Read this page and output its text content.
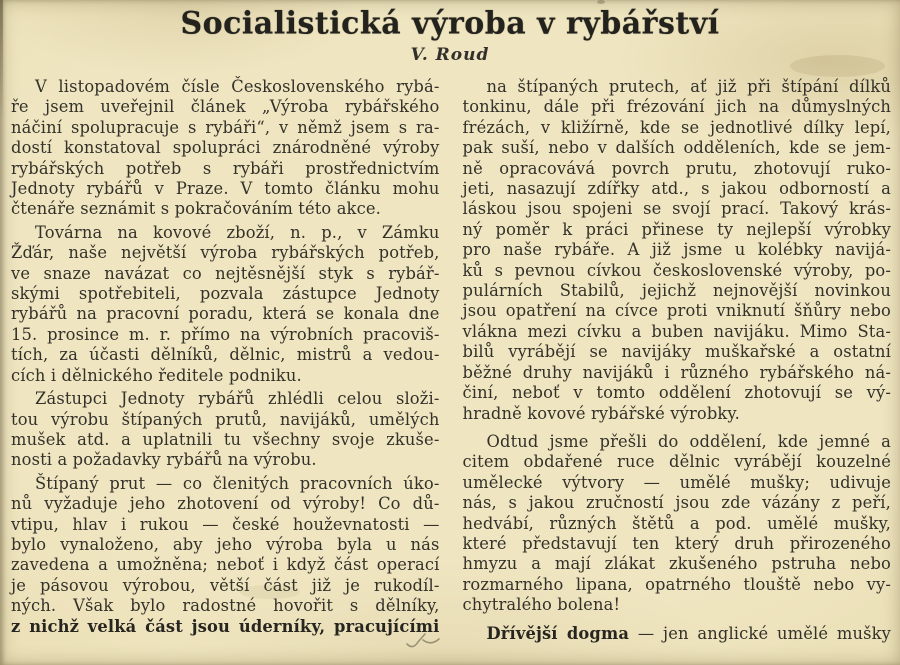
Socialistická výroba v rybářství
V. Roud
V listopadovém čísle Československého rybá-
ře jsem uveřejnil článek „Výroba rybářského
náčiní spolupracuje s rybáři“, v němž jsem s ra-
dostí konstatoval spolupráci znárodněné výroby
rybářských potřeb s rybáři prostřednictvím
Jednoty rybářů v Praze. V tomto článku mohu
čtenáře seznámit s pokračováním této akce.
Továrna na kovové zboží, n. p., v Zámku
Žďár, naše největší výroba rybářských potřeb,
ve snaze navázat co nejtěsnější styk s rybář-
skými spotřebiteli, pozvala zástupce Jednoty
rybářů na pracovní poradu, která se konala dne
15. prosince m. r. přímo na výrobních pracoviš-
tích, za účasti dělníků, dělnic, mistrů a vedou-
cích i dělnického ředitele podniku.
Zástupci Jednoty rybářů zhlédli celou složi-
tou výrobu štípaných prutů, navijáků, umělých
mušek atd. a uplatnili tu všechny svoje zkuše-
nosti a požadavky rybářů na výrobu.
Štípaný prut — co členitých pracovních úko-
nů vyžaduje jeho zhotovení od výroby! Co dů-
vtipu, hlav i rukou — české houževnatosti —
bylo vynaloženo, aby jeho výroba byla u nás
zavedena a umožněna; neboť i když část operací
je pásovou výrobou, větší část již je rukodíl-
ných. Však bylo radostné hovořit s dělníky,
z nichž velká část jsou úderníky, pracujícími
na štípaných prutech, ať již při štípání dílků
tonkinu, dále při frézování jich na důmyslných
frézách, v kližírně, kde se jednotlivé dílky lepí,
pak suší, nebo v dalších odděleních, kde se jem-
ně opracovává povrch prutu, zhotovují ruko-
jeti, nasazují zdířky atd., s jakou odborností a
láskou jsou spojeni se svojí prací. Takový krás-
ný poměr k práci přinese ty nejlepší výrobky
pro naše rybáře. A již jsme u kolébky navijá-
ků s pevnou cívkou československé výroby, po-
pulárních Stabilů, jejichž nejnovější novinkou
jsou opatření na cívce proti vniknutí šňůry nebo
vlákna mezi cívku a buben navijáku. Mimo Sta-
bilů vyrábějí se navijáky muškařské a ostatní
běžné druhy navijáků i různého rybářského ná-
činí, neboť v tomto oddělení zhotovují se vý-
hradně kovové rybářské výrobky.
Odtud jsme přešli do oddělení, kde jemné a
citem obdařené ruce dělnic vyrábějí kouzelné
umělecké výtvory — umělé mušky; udivuje
nás, s jakou zručností jsou zde vázány z peří,
hedvábí, různých štětů a pod. umělé mušky,
které představují ten který druh přirozeného
hmyzu a mají zlákat zkušeného pstruha nebo
rozmarného lipana, opatrného tlouště nebo vy-
chytralého bolena!
Dřívější dogma — jen anglické umělé mušky
